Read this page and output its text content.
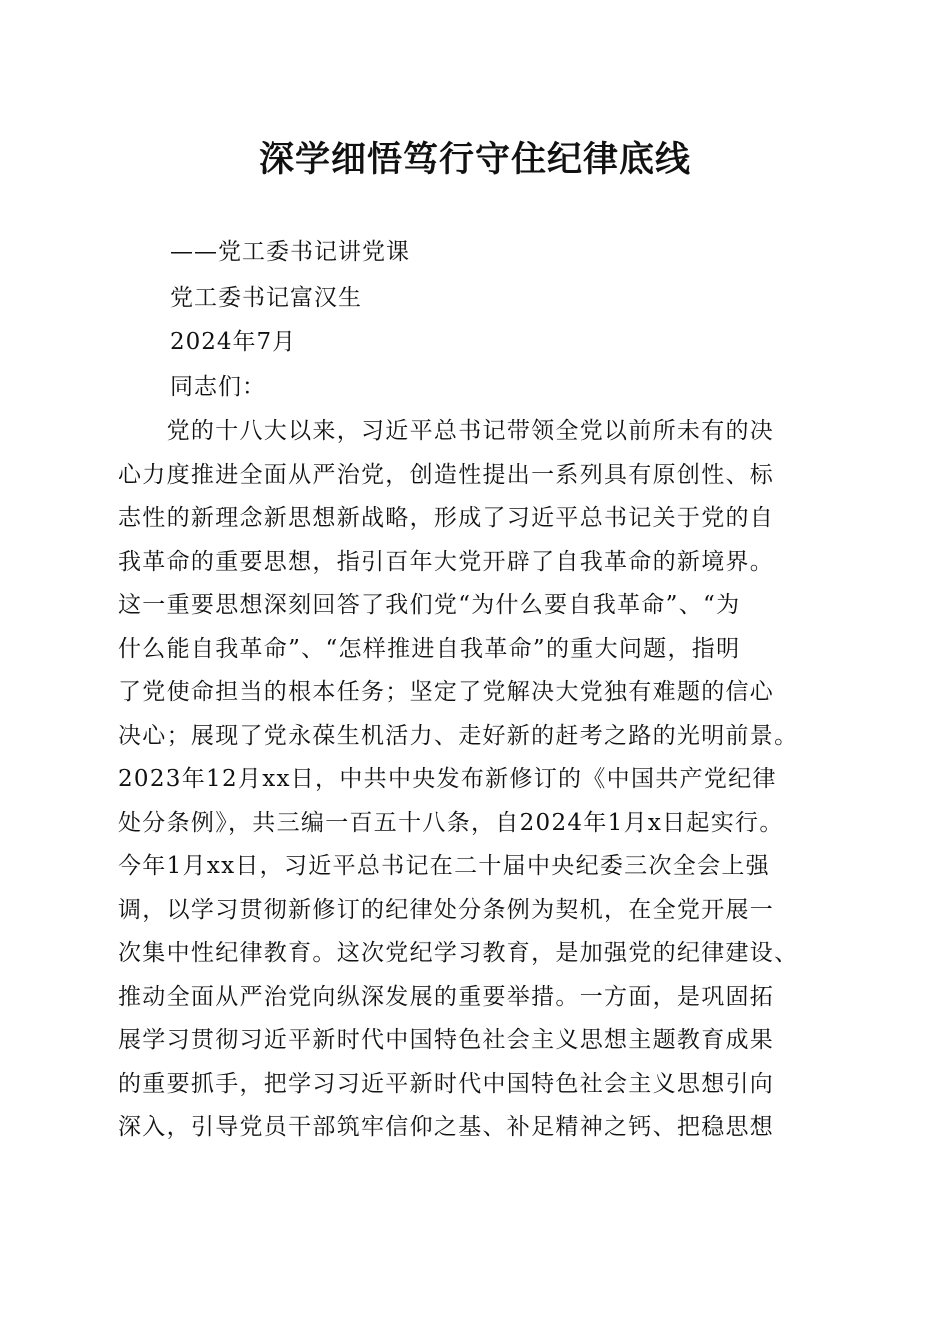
深学细悟笃行守住纪律底线
——党工委书记讲党课
党工委书记富汉生
2024年7月
同志们：
　　党的十八大以来，习近平总书记带领全党以前所未有的决
心力度推进全面从严治党，创造性提出一系列具有原创性、标
志性的新理念新思想新战略，形成了习近平总书记关于党的自
我革命的重要思想，指引百年大党开辟了自我革命的新境界。
这一重要思想深刻回答了我们党“为什么要自我革命”、“为
什么能自我革命”、“怎样推进自我革命”的重大问题，指明
了党使命担当的根本任务；坚定了党解决大党独有难题的信心
决心；展现了党永葆生机活力、走好新的赶考之路的光明前景。
2023年12月xx日，中共中央发布新修订的《中国共产党纪律
处分条例》，共三编一百五十八条，自2024年1月x日起实行。
今年1月xx日，习近平总书记在二十届中央纪委三次全会上强
调，以学习贯彻新修订的纪律处分条例为契机，在全党开展一
次集中性纪律教育。这次党纪学习教育，是加强党的纪律建设、
推动全面从严治党向纵深发展的重要举措。一方面，是巩固拓
展学习贯彻习近平新时代中国特色社会主义思想主题教育成果
的重要抓手，把学习习近平新时代中国特色社会主义思想引向
深入，引导党员干部筑牢信仰之基、补足精神之钙、把稳思想
